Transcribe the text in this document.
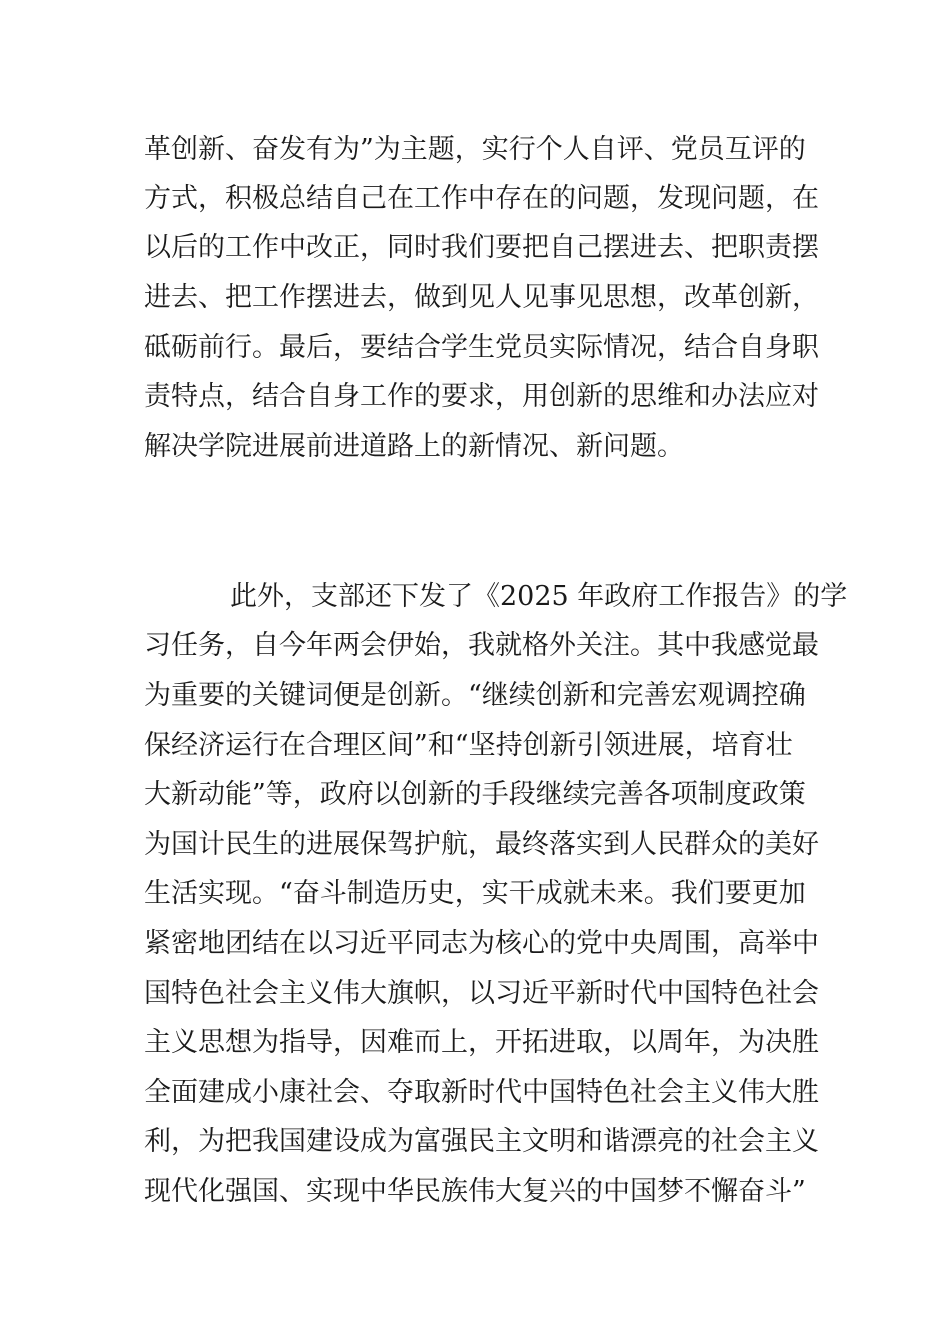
革创新、奋发有为”为主题，实行个人自评、党员互评的
方式，积极总结自己在工作中存在的问题，发现问题，在
以后的工作中改正，同时我们要把自己摆进去、把职责摆
进去、把工作摆进去，做到见人见事见思想，改革创新，
砥砺前行。最后，要结合学生党员实际情况，结合自身职
责特点，结合自身工作的要求，用创新的思维和办法应对
解决学院进展前进道路上的新情况、新问题。
此外，支部还下发了《2025 年政府工作报告》的学
习任务，自今年两会伊始，我就格外关注。其中我感觉最
为重要的关键词便是创新。“继续创新和完善宏观调控确
保经济运行在合理区间”和“坚持创新引领进展，培育壮
大新动能”等，政府以创新的手段继续完善各项制度政策
为国计民生的进展保驾护航，最终落实到人民群众的美好
生活实现。“奋斗制造历史，实干成就未来。我们要更加
紧密地团结在以习近平同志为核心的党中央周围，高举中
国特色社会主义伟大旗帜，以习近平新时代中国特色社会
主义思想为指导，因难而上，开拓进取，以周年，为决胜
全面建成小康社会、夺取新时代中国特色社会主义伟大胜
利，为把我国建设成为富强民主文明和谐漂亮的社会主义
现代化强国、实现中华民族伟大复兴的中国梦不懈奋斗”
